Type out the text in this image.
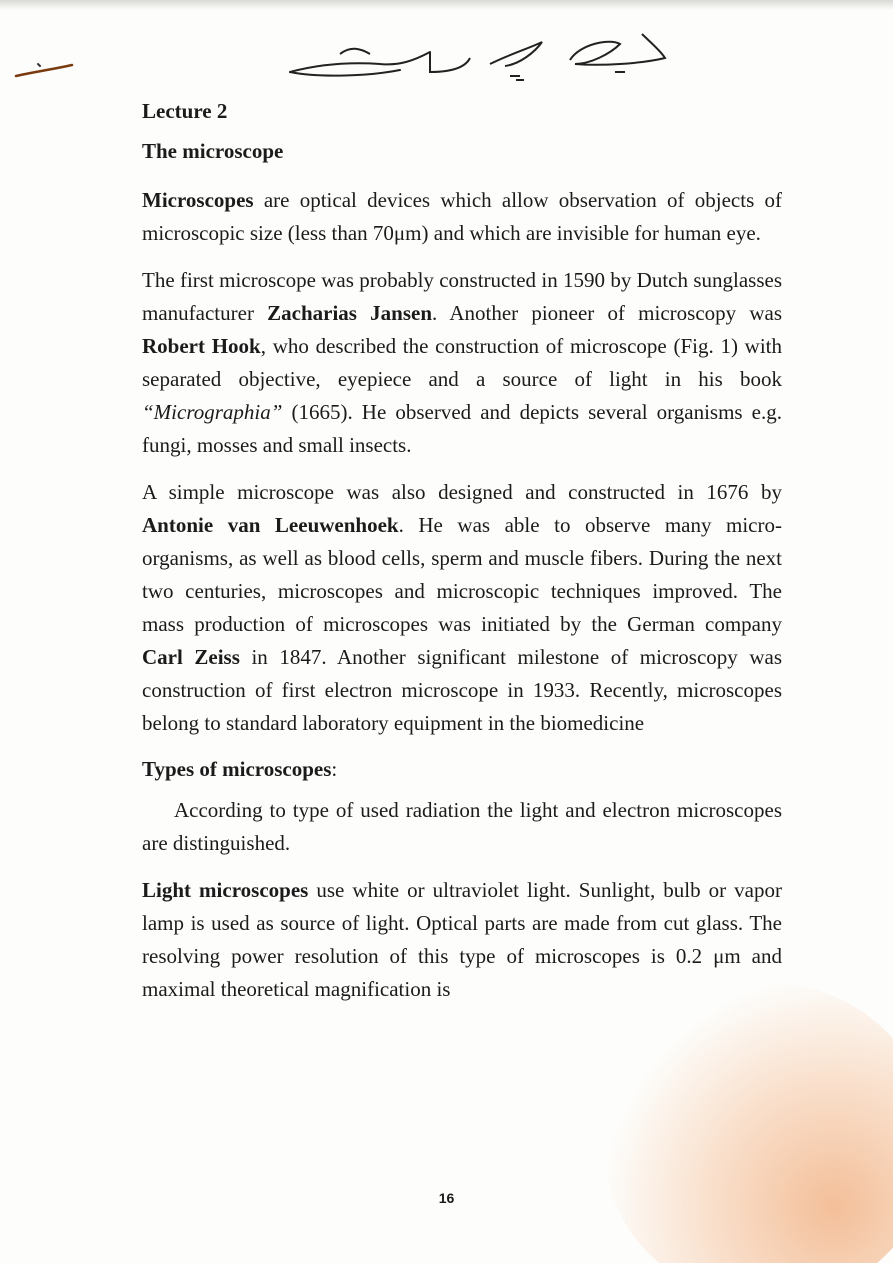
Lecture 2
The microscope

Microscopes are optical devices which allow observation of objects of microscopic size (less than 70μm) and which are invisible for human eye.

The first microscope was probably constructed in 1590 by Dutch sunglasses manufacturer Zacharias Jansen. Another pioneer of microscopy was Robert Hook, who described the construction of microscope (Fig. 1) with separated objective, eyepiece and a source of light in his book “Micrographia” (1665). He observed and depicts several organisms e.g. fungi, mosses and small insects.

A simple microscope was also designed and constructed in 1676 by Antonie van Leeuwenhoek. He was able to observe many micro-organisms, as well as blood cells, sperm and muscle fibers. During the next two centuries, microscopes and microscopic techniques improved. The mass production of microscopes was initiated by the German company Carl Zeiss in 1847. Another significant milestone of microscopy was construction of first electron microscope in 1933. Recently, microscopes belong to standard laboratory equipment in the biomedicine

Types of microscopes:

According to type of used radiation the light and electron microscopes are distinguished.

Light microscopes use white or ultraviolet light. Sunlight, bulb or vapor lamp is used as source of light. Optical parts are made from cut glass. The resolving power resolution of this type of microscopes is 0.2 μm and maximal theoretical magnification is

16
